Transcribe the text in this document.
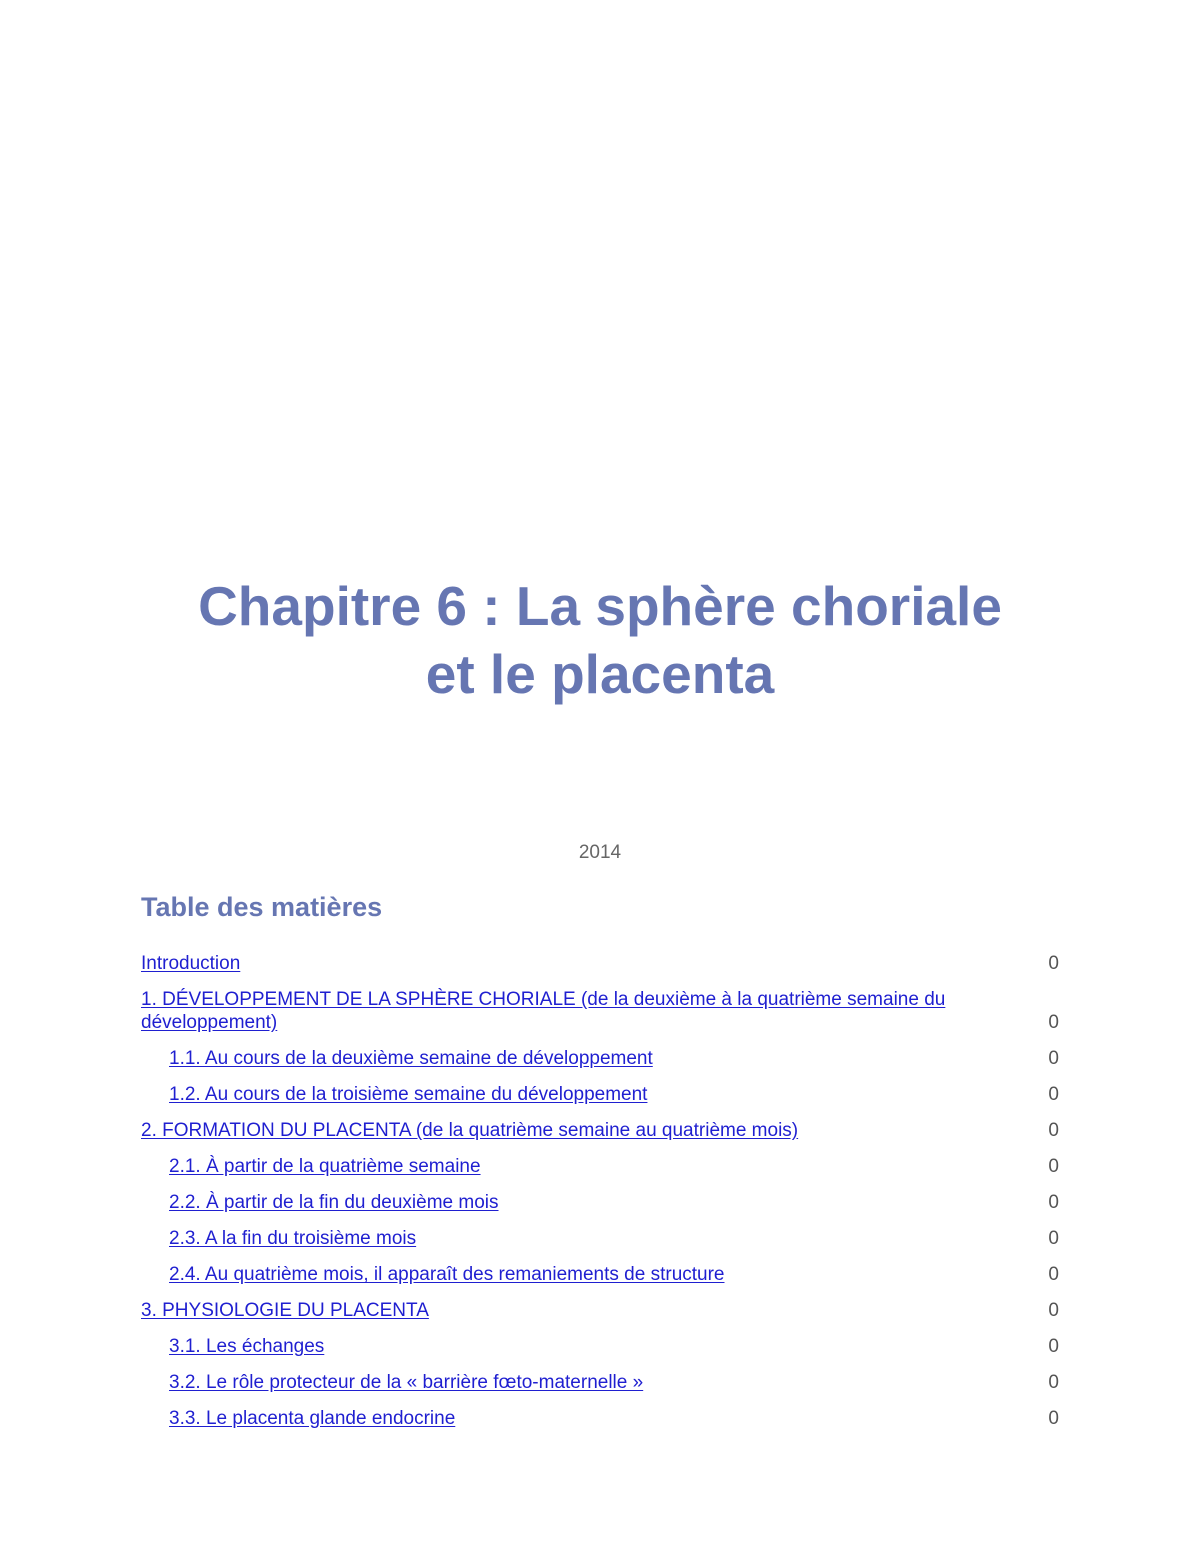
Chapitre 6 : La sphère choriale
et le placenta
2014
Table des matières
Introduction	0
1. DÉVELOPPEMENT DE LA SPHÈRE CHORIALE (de la deuxième à la quatrième semaine du développement)	0
1.1. Au cours de la deuxième semaine de développement	0
1.2. Au cours de la troisième semaine du développement	0
2. FORMATION DU PLACENTA (de la quatrième semaine au quatrième mois)	0
2.1. À partir de la quatrième semaine	0
2.2. À partir de la fin du deuxième mois	0
2.3. A la fin du troisième mois	0
2.4. Au quatrième mois, il apparaît des remaniements de structure	0
3. PHYSIOLOGIE DU PLACENTA	0
3.1. Les échanges	0
3.2. Le rôle protecteur de la « barrière fœto-maternelle »	0
3.3. Le placenta glande endocrine	0
